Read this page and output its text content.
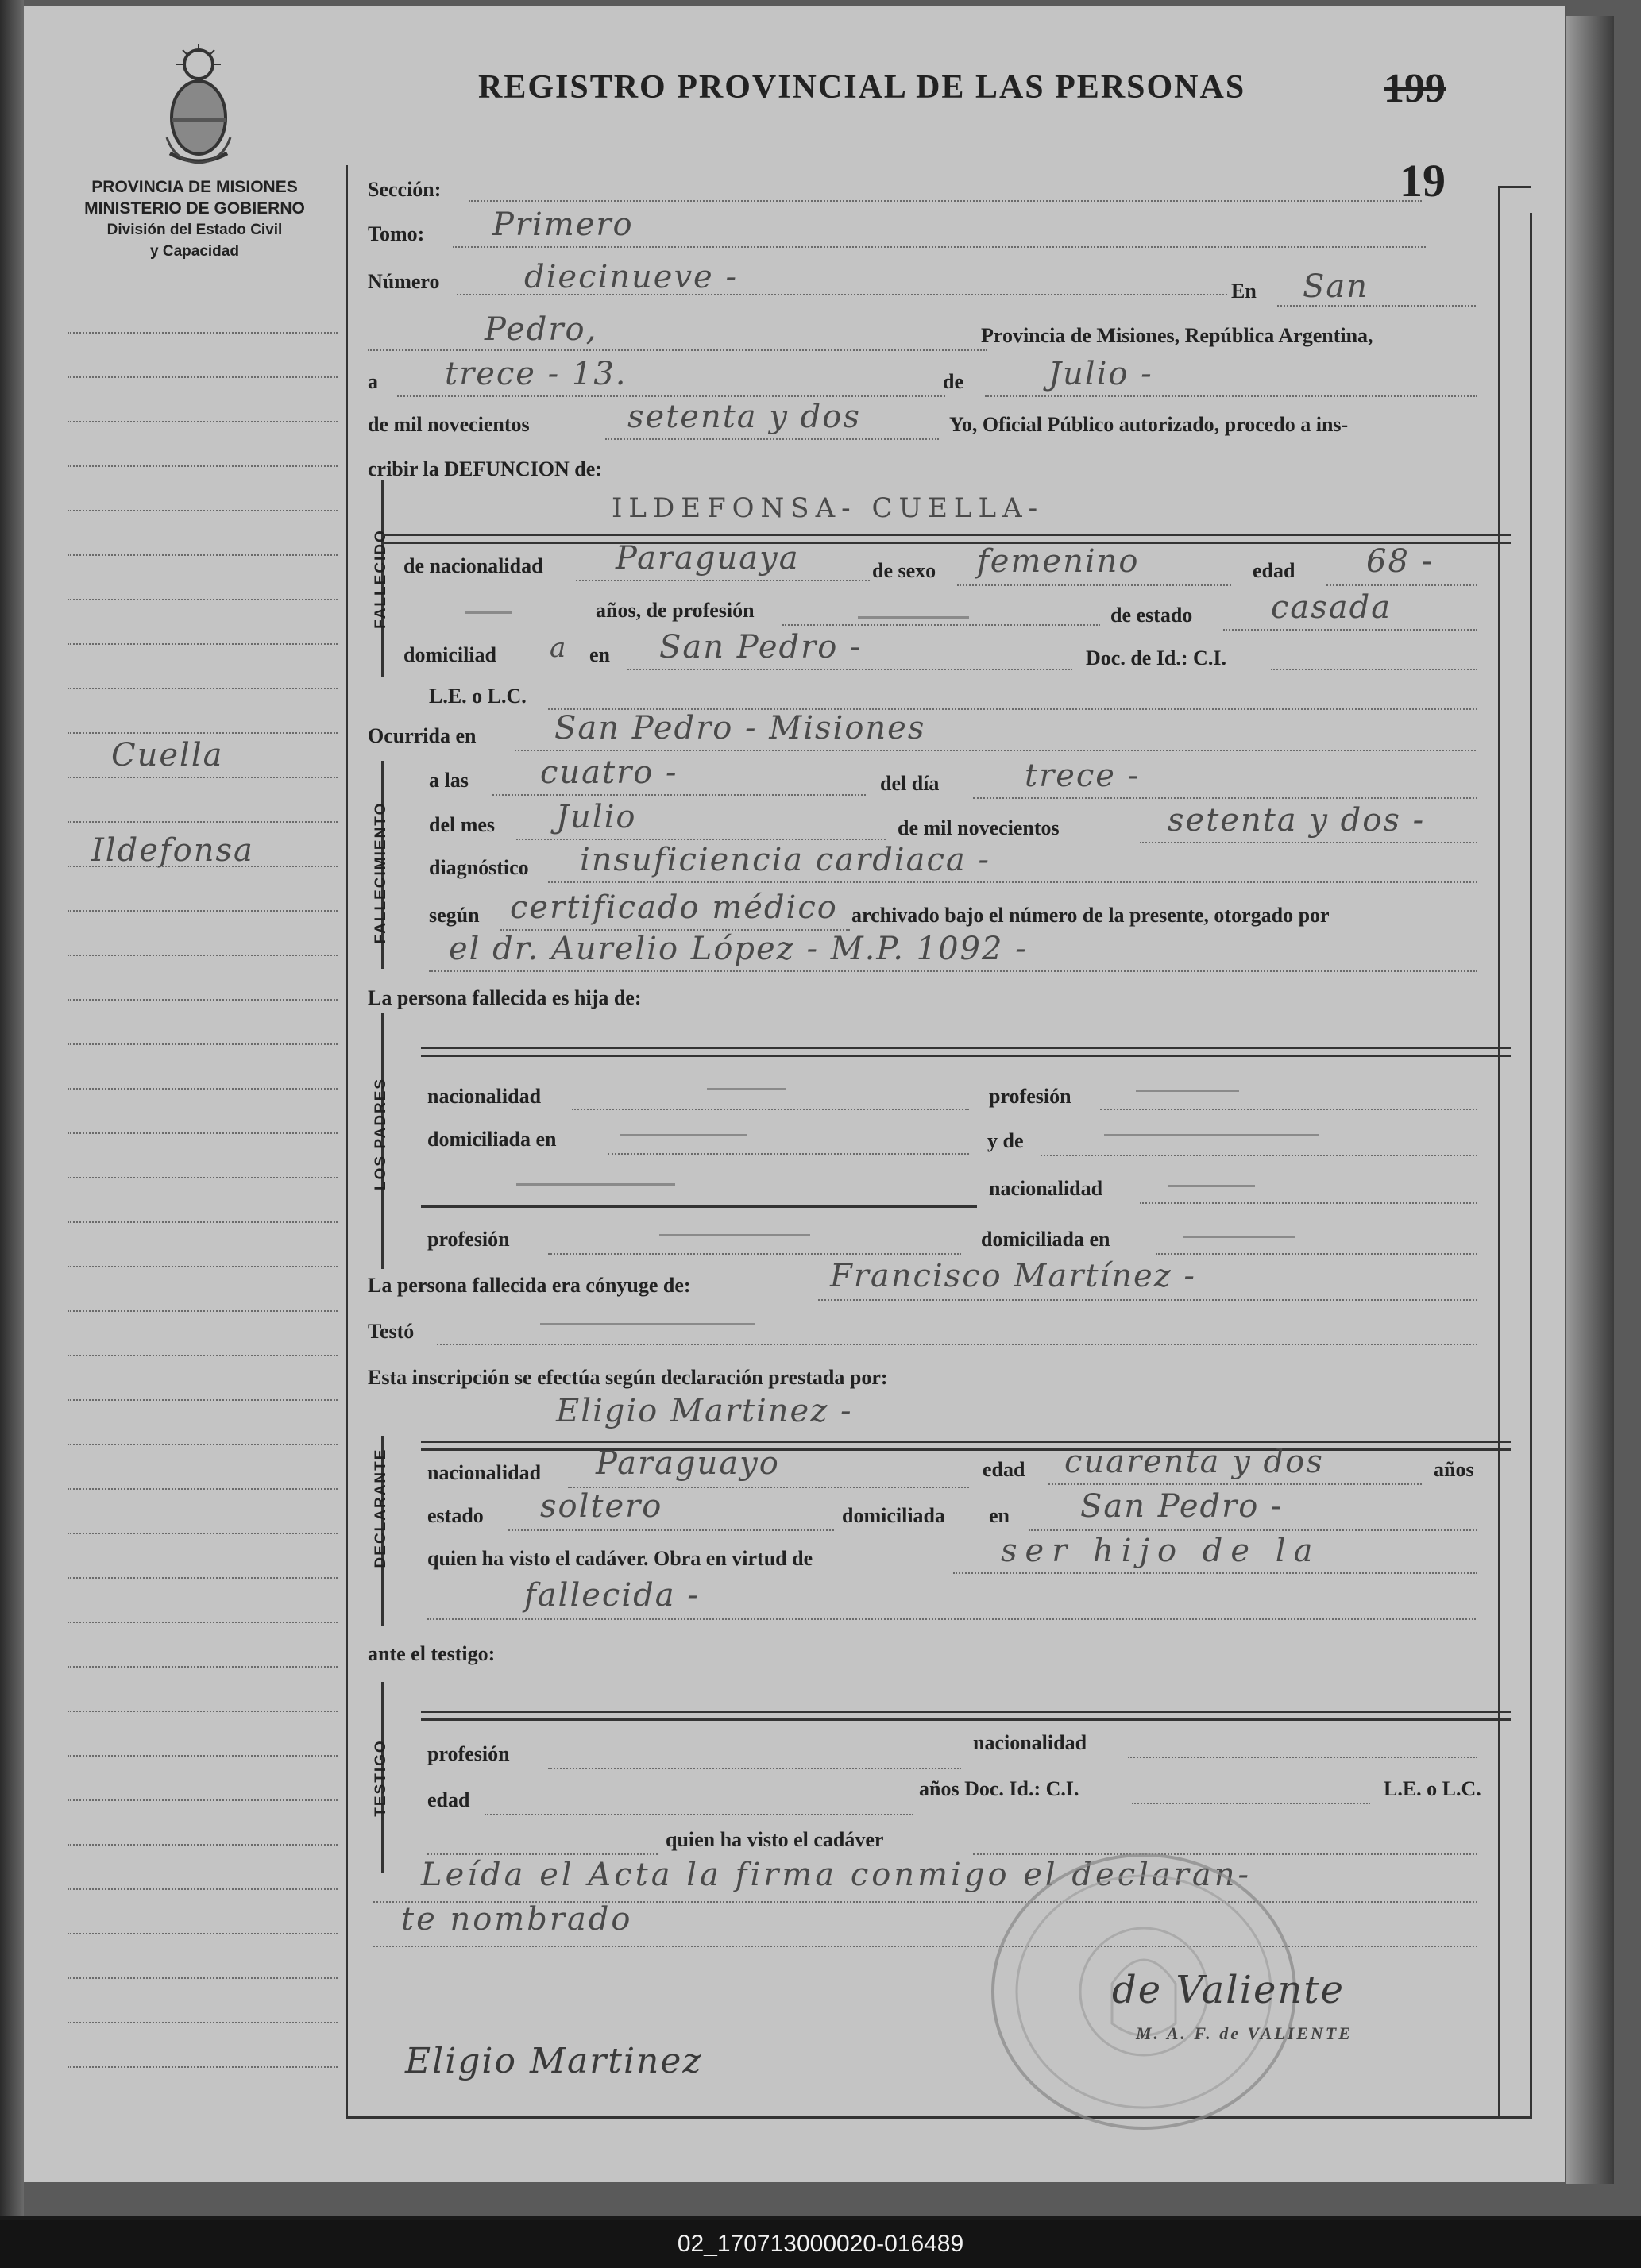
PROVINCIA DE MISIONES
MINISTERIO DE GOBIERNO
División del Estado Civil
y Capacidad
REGISTRO PROVINCIAL DE LAS PERSONAS	199
19
Cuella
Ildefonsa
Sección:
Tomo: Primero
Número	diecinueve -	En San
Pedro,	Provincia de Misiones, República Argentina,
a trece - 13.	de	Julio -
de mil novecientos	setenta y dos	Yo, Oficial Público autorizado, procedo a ins-
cribir la DEFUNCION de:
FALLECIDO
ILDEFONSA- CUELLA-
de nacionalidad Paraguaya	de sexo femenino	edad 68 -
años, de profesión	de estado casada
domiciliad a en San Pedro -	Doc. de Id.: C.I.
L.E. o L.C.
Ocurrida en San Pedro - Misiones
FALLECIMIENTO
a las cuatro -	del día	trece -
del mes Julio	de mil novecientos	setenta y dos -
diagnóstico insuficiencia cardiaca -
según certificado médico archivado bajo el número de la presente, otorgado por
el dr. Aurelio López - M.P. 1092 -
La persona fallecida es hija de:
LOS PADRES nacionalidad	profesión
domiciliada en	y de
nacionalidad
profesión	domiciliada en
La persona fallecida era cónyuge de:	Francisco Martínez -
Testó
Esta inscripción se efectúa según declaración prestada por:
DECLARANTE
Eligio Martinez -
nacionalidad Paraguayo	edad cuarenta y dos	años
estado soltero	domiciliada en San Pedro -
quien ha visto el cadáver. Obra en virtud de	ser hijo de la
fallecida -
ante el testigo:
TESTIGO profesión	nacionalidad
edad	años Doc. Id.: C.I.	L.E. o L.C.
quien ha visto el cadáver
Leída el Acta la firma conmigo el declaran-
te nombrado
de Valiente
M. A. F. de VALIENTE
Eligio Martinez
02_170713000020-016489
